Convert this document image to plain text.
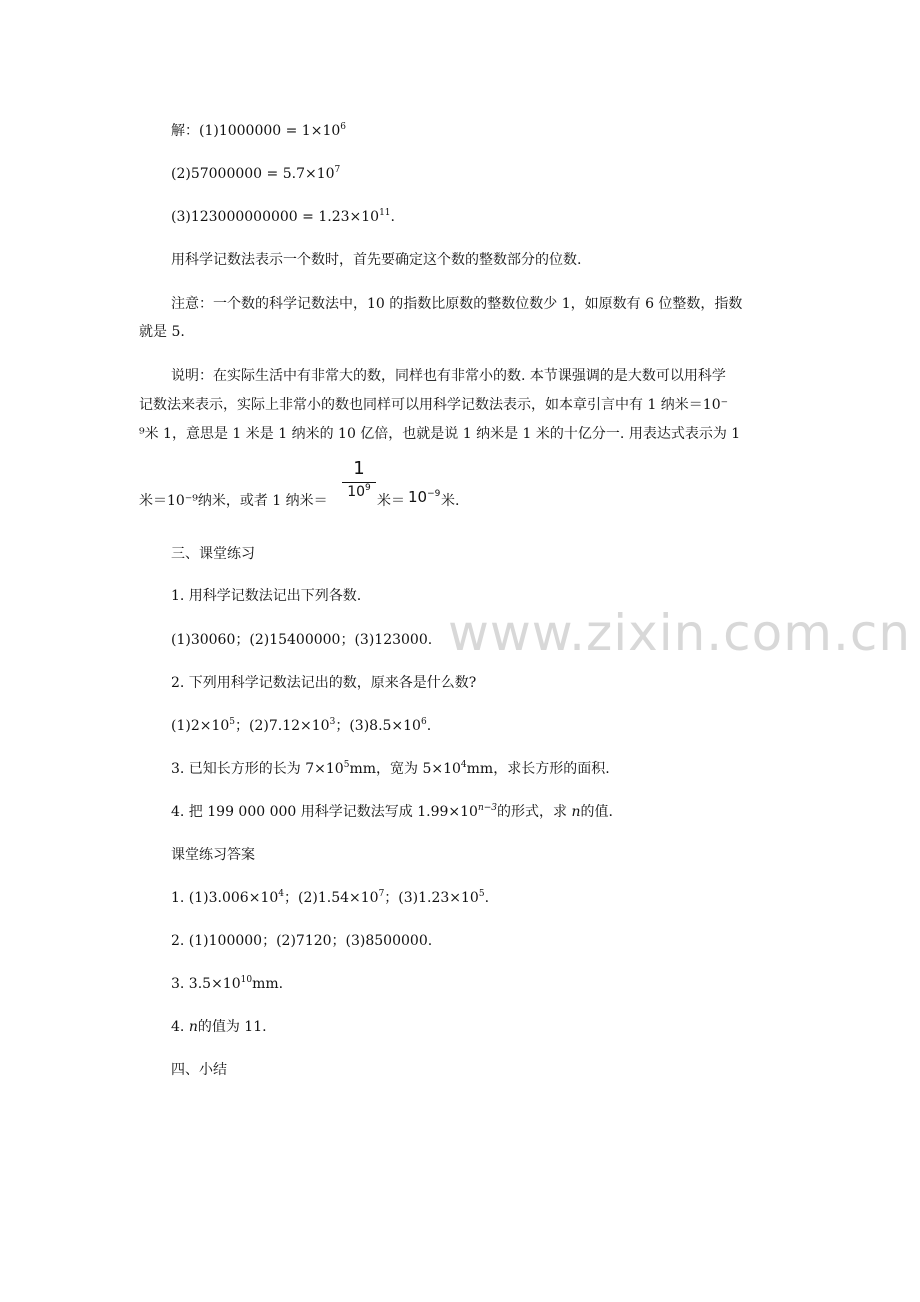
www.zixin.com.cn
解：$(1)1000000 = 1\times 10^6$
$(2)57000000 = 5.7\times 10^7$
$(3)123000000000 = 1.23\times 10^{11}$.
用科学记数法表示一个数时，首先要确定这个数的整数部分的位数.
注意：一个数的科学记数法中，10 的指数比原数的整数位数少 1，如原数有 6 位整数，指数
就是 5.
说明：在实际生活中有非常大的数，同样也有非常小的数. 本节课强调的是大数可以用科学
记数法来表示，实际上非常小的数也同样可以用科学记数法表示，如本章引言中有 1 纳米＝10⁻
⁹米 1，意思是 1 米是 1 纳米的 10 亿倍，也就是说 1 纳米是 1 米的十亿分一. 用表达式表示为 1
米＝10⁻⁹纳米，或者 1 纳米＝
1
$10^9$
米＝ $10^{-9}$ 米.
三、课堂练习
1. 用科学记数法记出下列各数.
(1)30060；(2)15400000；(3)123000.
2. 下列用科学记数法记出的数，原来各是什么数?
$(1)2\times 10^5$；$(2)7.12\times 10^3$；$(3)8.5\times 10^6$.
3. 已知长方形的长为 $7\times 10^5mm$，宽为 $5\times 10^4mm$，求长方形的面积.
4. 把 199 000 000 用科学记数法写成 $1.99\times 10^{n-3}$的形式，求 n的值.
课堂练习答案
1. $(1)3.006\times 10^4$；$(2)1.54\times 10^7$；$(3)1.23\times 10^5$.
2. (1)100000；(2)7120；(3)8500000.
3. $3.5\times 10^{10}mm$.
4. n的值为 11.
四、小结
